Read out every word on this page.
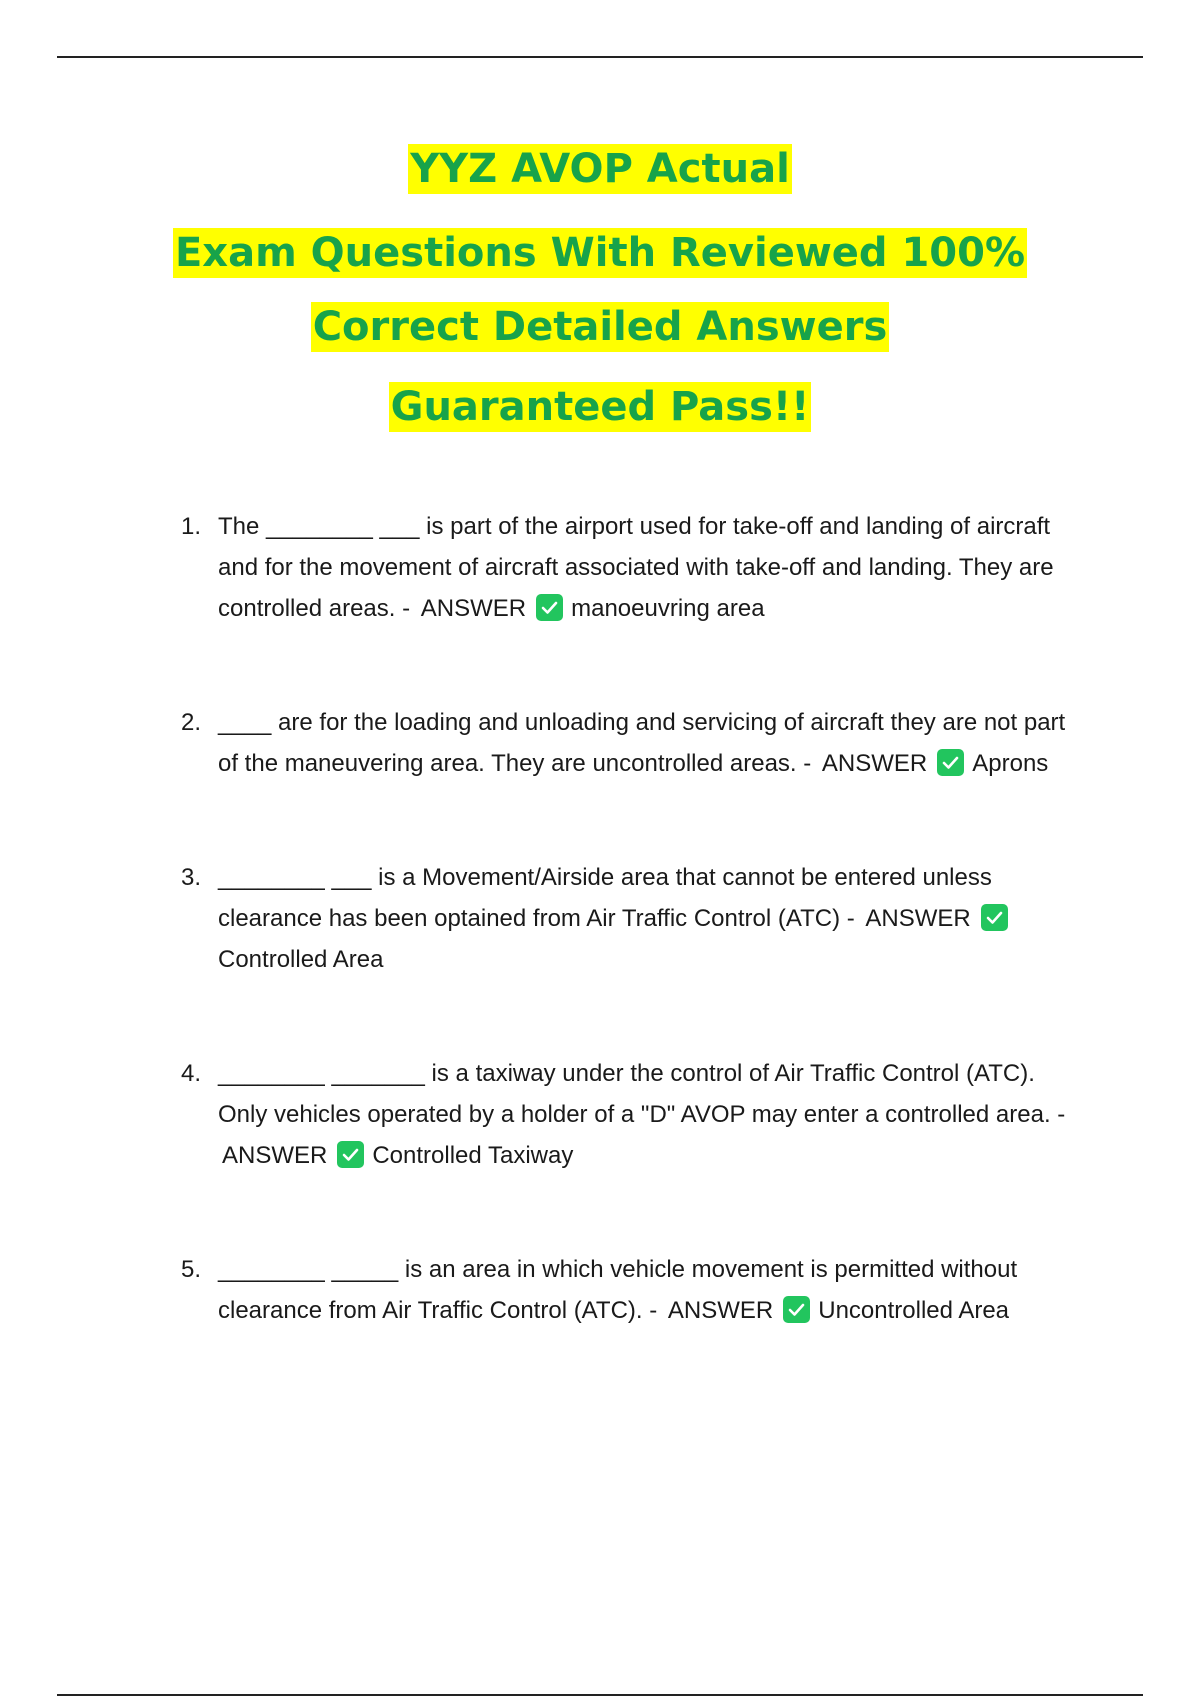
YYZ AVOP Actual
Exam Questions With Reviewed 100%
Correct Detailed Answers
Guaranteed Pass!!
1. The ________ ___ is part of the airport used for take-off and landing of aircraft and for the movement of aircraft associated with take-off and landing. They are controlled areas. - ANSWER manoeuvring area
2. ____ are for the loading and unloading and servicing of aircraft they are not part of the maneuvering area. They are uncontrolled areas. - ANSWER Aprons
3. ________ ___ is a Movement/Airside area that cannot be entered unless clearance has been optained from Air Traffic Control (ATC) - ANSWER
Controlled Area
4. ________ _______ is a taxiway under the control of Air Traffic Control (ATC). Only vehicles operated by a holder of a "D" AVOP may enter a controlled area. - ANSWER Controlled Taxiway
5. ________ _____ is an area in which vehicle movement is permitted without clearance from Air Traffic Control (ATC). - ANSWER Uncontrolled Area
